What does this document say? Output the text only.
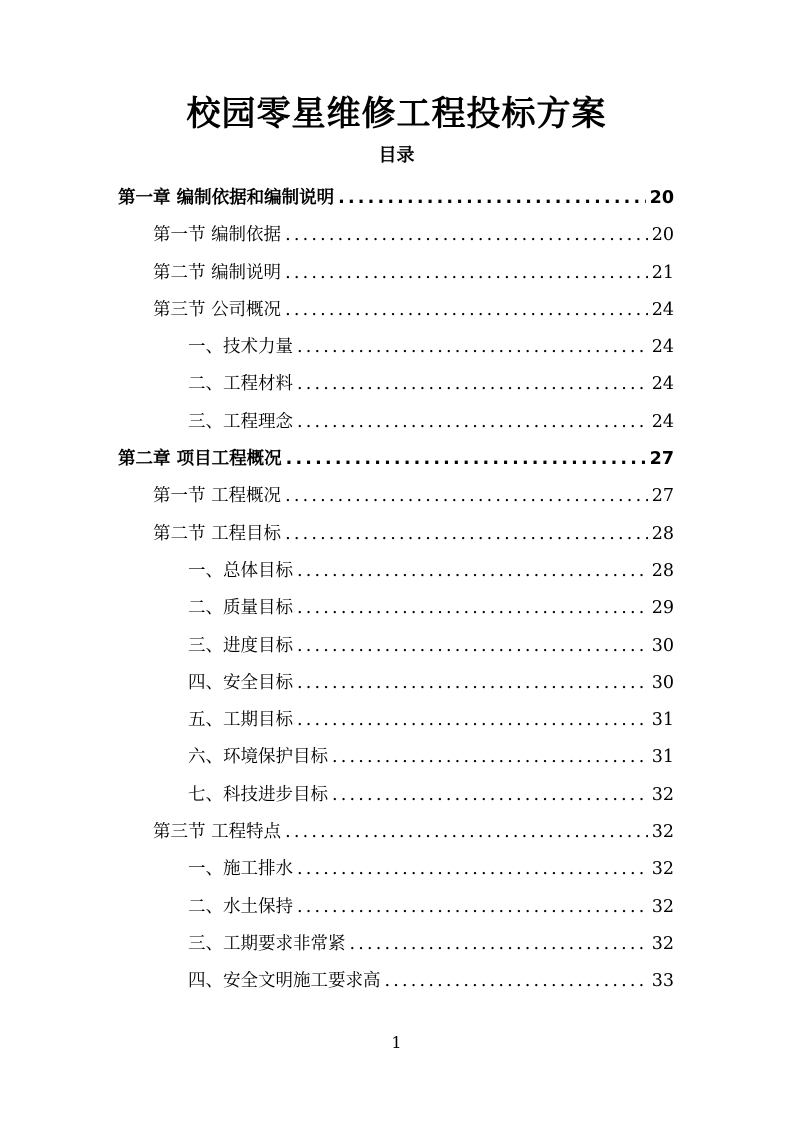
校园零星维修工程投标方案
目录
第一章 编制依据和编制说明 .....	20
第一节 编制依据 .....	20
第二节 编制说明 .....	21
第三节 公司概况 .....	24
一、技术力量 .....	24
二、工程材料 .....	24
三、工程理念 .....	24
第二章 项目工程概况 .....	27
第一节 工程概况 .....	27
第二节 工程目标 .....	28
一、总体目标 .....	28
二、质量目标 .....	29
三、进度目标 .....	30
四、安全目标 .....	30
五、工期目标 .....	31
六、环境保护目标 .....	31
七、科技进步目标 .....	32
第三节 工程特点 .....	32
一、施工排水 .....	32
二、水土保持 .....	32
三、工期要求非常紧 .....	32
四、安全文明施工要求高 .....	33
1
